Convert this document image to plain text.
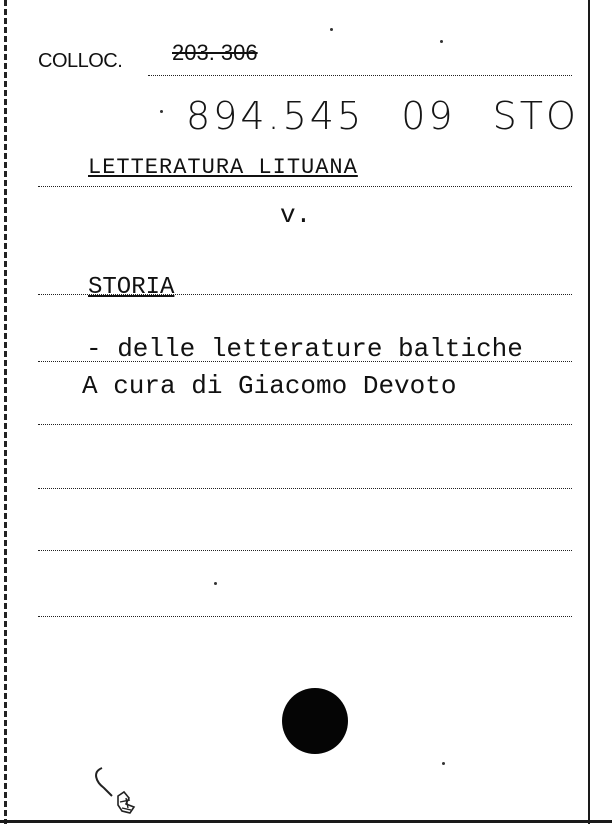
COLLOC. 203. 306
894.545 09 STO
LETTERATURA LITUANA
v.
STORIA
- delle letterature baltiche
A cura di Giacomo Devoto
